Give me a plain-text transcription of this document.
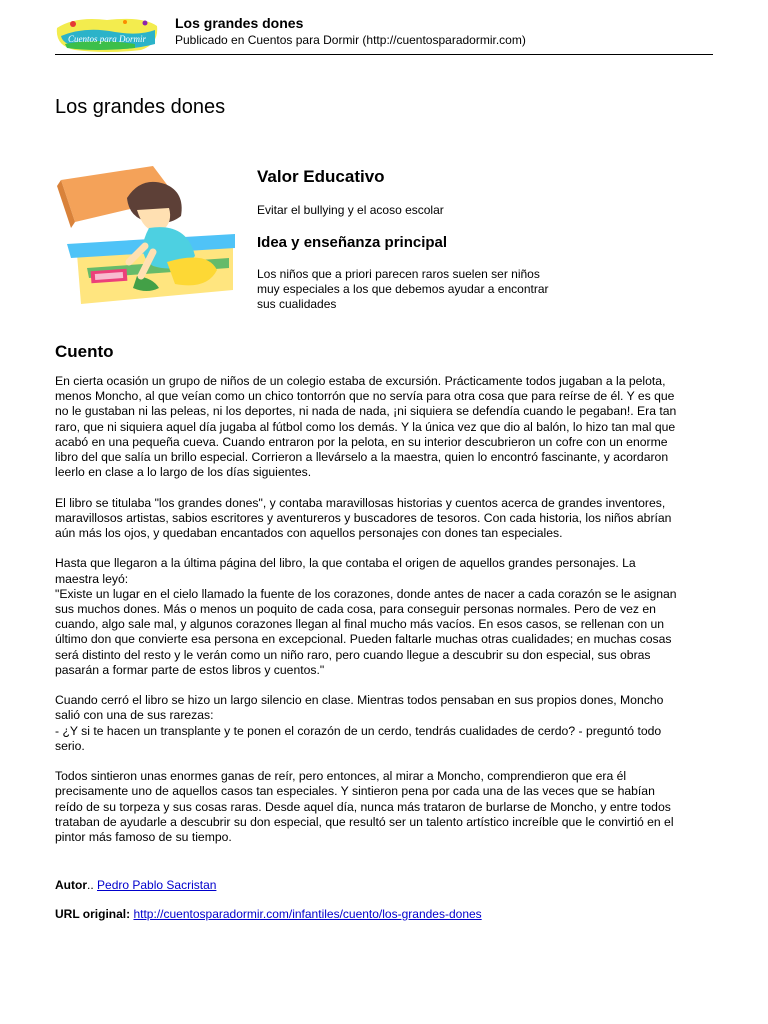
Cuentos para Dormir
Los grandes dones
Publicado en Cuentos para Dormir (http://cuentosparadormir.com)
Los grandes dones
Valor Educativo
Evitar el bullying y el acoso escolar
Idea y enseñanza principal
Los niños que a priori parecen raros suelen ser niños
muy especiales a los que debemos ayudar a encontrar
sus cualidades
Cuento

En cierta ocasión un grupo de niños de un colegio estaba de excursión. Prácticamente todos jugaban a la pelota,
menos Moncho, al que veían como un chico tontorrón que no servía para otra cosa que para reírse de él. Y es que
no le gustaban ni las peleas, ni los deportes, ni nada de nada, ¡ni siquiera se defendía cuando le pegaban!. Era tan
raro, que ni siquiera aquel día jugaba al fútbol como los demás. Y la única vez que dio al balón, lo hizo tan mal que
acabó en una pequeña cueva. Cuando entraron por la pelota, en su interior descubrieron un cofre con un enorme
libro del que salía un brillo especial. Corrieron a llevárselo a la maestra, quien lo encontró fascinante, y acordaron
leerlo en clase a lo largo de los días siguientes.

El libro se titulaba "los grandes dones", y contaba maravillosas historias y cuentos acerca de grandes inventores,
maravillosos artistas, sabios escritores y aventureros y buscadores de tesoros. Con cada historia, los niños abrían
aún más los ojos, y quedaban encantados con aquellos personajes con dones tan especiales.

Hasta que llegaron a la última página del libro, la que contaba el origen de aquellos grandes personajes. La
maestra leyó:
"Existe un lugar en el cielo llamado la fuente de los corazones, donde antes de nacer a cada corazón se le asignan
sus muchos dones. Más o menos un poquito de cada cosa, para conseguir personas normales. Pero de vez en
cuando, algo sale mal, y algunos corazones llegan al final mucho más vacíos. En esos casos, se rellenan con un
último don que convierte esa persona en excepcional. Pueden faltarle muchas otras cualidades; en muchas cosas
será distinto del resto y le verán como un niño raro, pero cuando llegue a descubrir su don especial, sus obras
pasarán a formar parte de estos libros y cuentos."

Cuando cerró el libro se hizo un largo silencio en clase. Mientras todos pensaban en sus propios dones, Moncho
salió con una de sus rarezas:
- ¿Y si te hacen un transplante y te ponen el corazón de un cerdo, tendrás cualidades de cerdo? - preguntó todo
serio.

Todos sintieron unas enormes ganas de reír, pero entonces, al mirar a Moncho, comprendieron que era él
precisamente uno de aquellos casos tan especiales. Y sintieron pena por cada una de las veces que se habían
reído de su torpeza y sus cosas raras. Desde aquel día, nunca más trataron de burlarse de Moncho, y entre todos
trataban de ayudarle a descubrir su don especial, que resultó ser un talento artístico increíble que le convirtió en el
pintor más famoso de su tiempo.

Autor.. Pedro Pablo Sacristan
URL original: http://cuentosparadormir.com/infantiles/cuento/los-grandes-dones
